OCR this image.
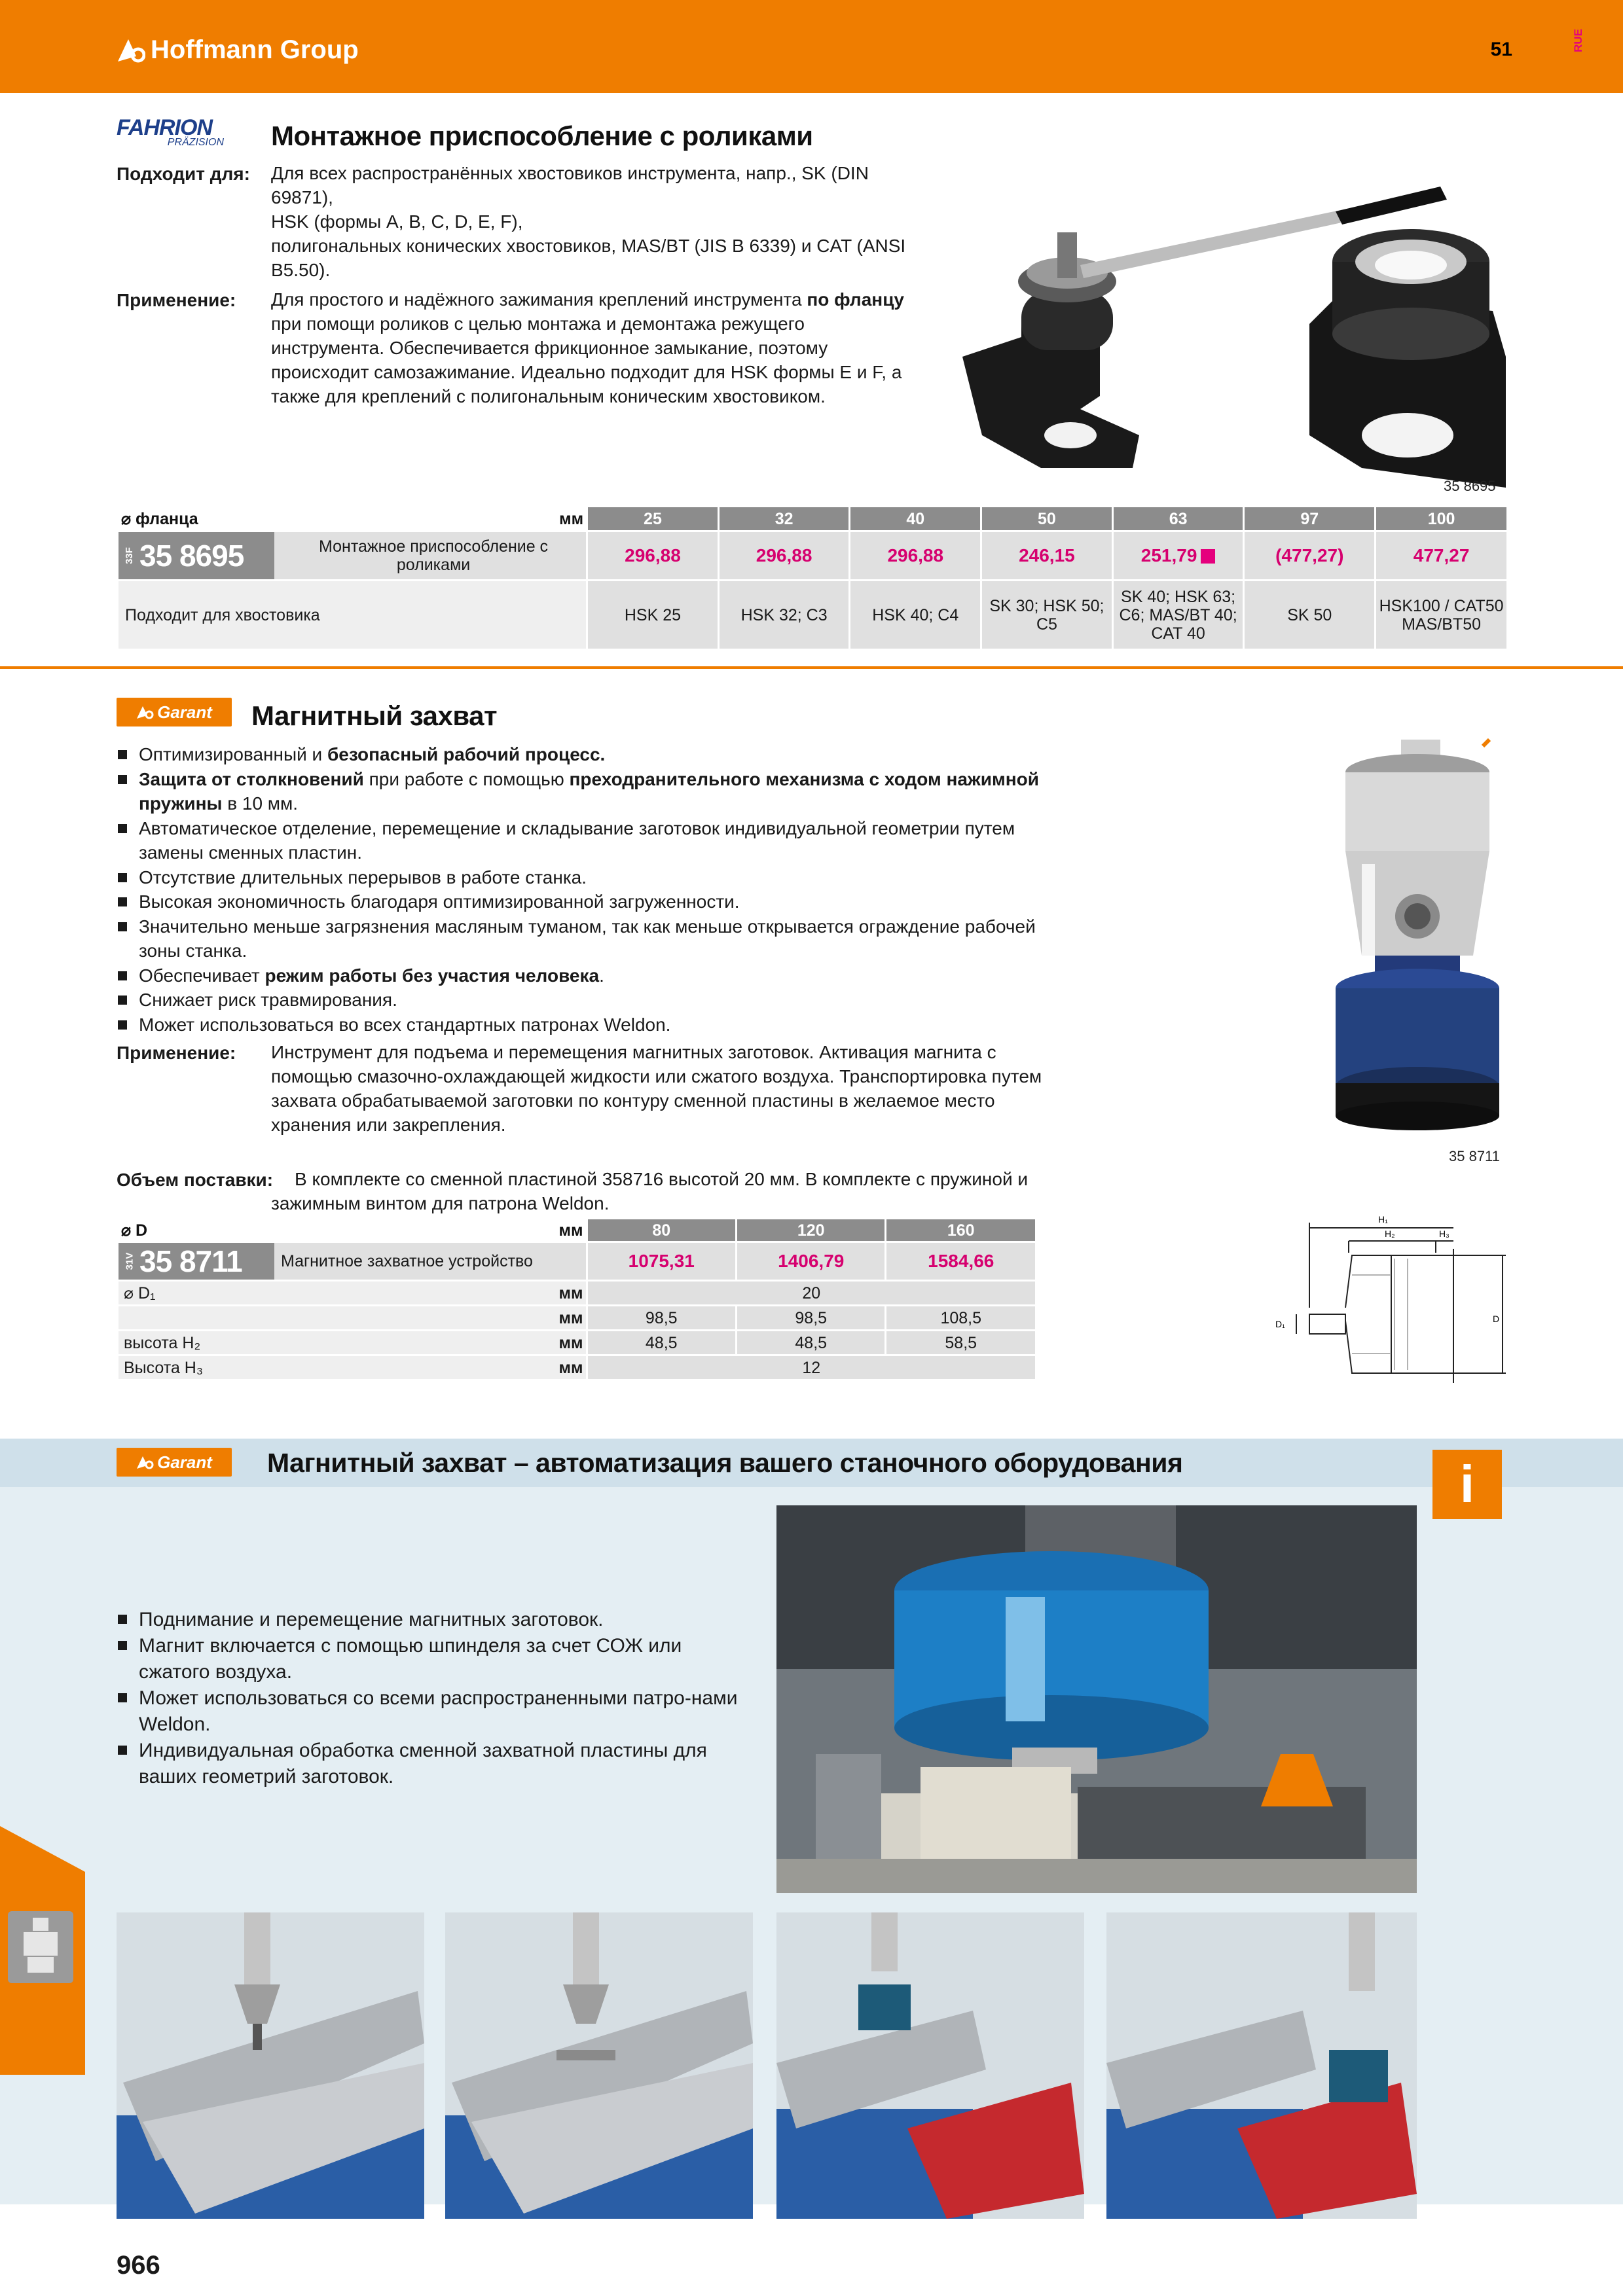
Hoffmann Group	51	RUE
FAHRION
PRÄZISION Монтажное приспособление с роликами
Подходит для: Для всех распространённых хвостовиков инструмента, напр., SK (DIN 69871),
HSK (формы A, B, C, D, E, F),
полигональных конических хвостовиков, MAS/BT (JIS B 6339) и CAT (ANSI B5.50).
Применение: Для простого и надёжного зажимания креплений инструмента по фланцу при помощи роликов с целью монтажа и демонтажа режущего инструмента. Обеспечивается фрикционное замыкание, поэтому происходит самозажимание. Идеально подходит для HSK формы E и F, а также для креплений с полигональным коническим хвостовиком.
35 8695
⌀ фланца мм	25	32	40	50	63	97	100

33F 35 8695 Монтажное приспособление с роликами	296,88	296,88	296,88	246,15	251,79	(477,27)	477,27
Подходит для хвостовика	HSK 25	HSK 32; C3	HSK 40; C4	SK 30; HSK 50; C5	SK 40; HSK 63; C6; MAS/BT 40; CAT 40	SK 50	HSK100 / CAT50 MAS/BT50
Garant Магнитный захват
Оптимизированный и безопасный рабочий процесс.
Защита от столкновений при работе с помощью преходранительного механизма с ходом нажимной пружины в 10 мм.
Автоматическое отделение, перемещение и складывание заготовок индивидуальной геометрии путем замены сменных пластин.
Отсутствие длительных перерывов в работе станка.
Высокая экономичность благодаря оптимизированной загруженности.
Значительно меньше загрязнения масляным туманом, так как меньше открывается ограждение рабочей зоны станка.
Обеспечивает режим работы без участия человека.
Снижает риск травмирования.
Может использоваться во всех стандартных патронах Weldon.
Применение: Инструмент для подъема и перемещения магнитных заготовок. Активация магнита с помощью смазочно-охлаждающей жидкости или сжатого воздуха. Транспортировка путем захвата обрабатываемой заготовки по контуру сменной пластины в желаемое место хранения или закрепления.
Объем поставки:	В комплекте со сменной пластиной 358716 высотой 20 мм. В комплекте с пружиной и зажимным винтом для патрона Weldon.
35 8711
H₁
H₂	H₃
D₁	D
⌀ D мм	80	120	160

31V 35 8711 Магнитное захватное устройство	1075,31	1406,79	1584,66
⌀ D₁ мм	20		

мм	98,5	98,5	108,5
высота H₂ мм	48,5	48,5	58,5
Высота H₃ мм	12		
Garant Магнитный захват – автоматизация вашего станочного оборудования	i
Поднимание и перемещение магнитных заготовок.
Магнит включается с помощью шпинделя за счет СОЖ или сжатого воздуха.
Может использоваться со всеми распространенными патро-нами Weldon.
Индивидуальная обработка сменной захватной пластины для ваших геометрий заготовок.
966
